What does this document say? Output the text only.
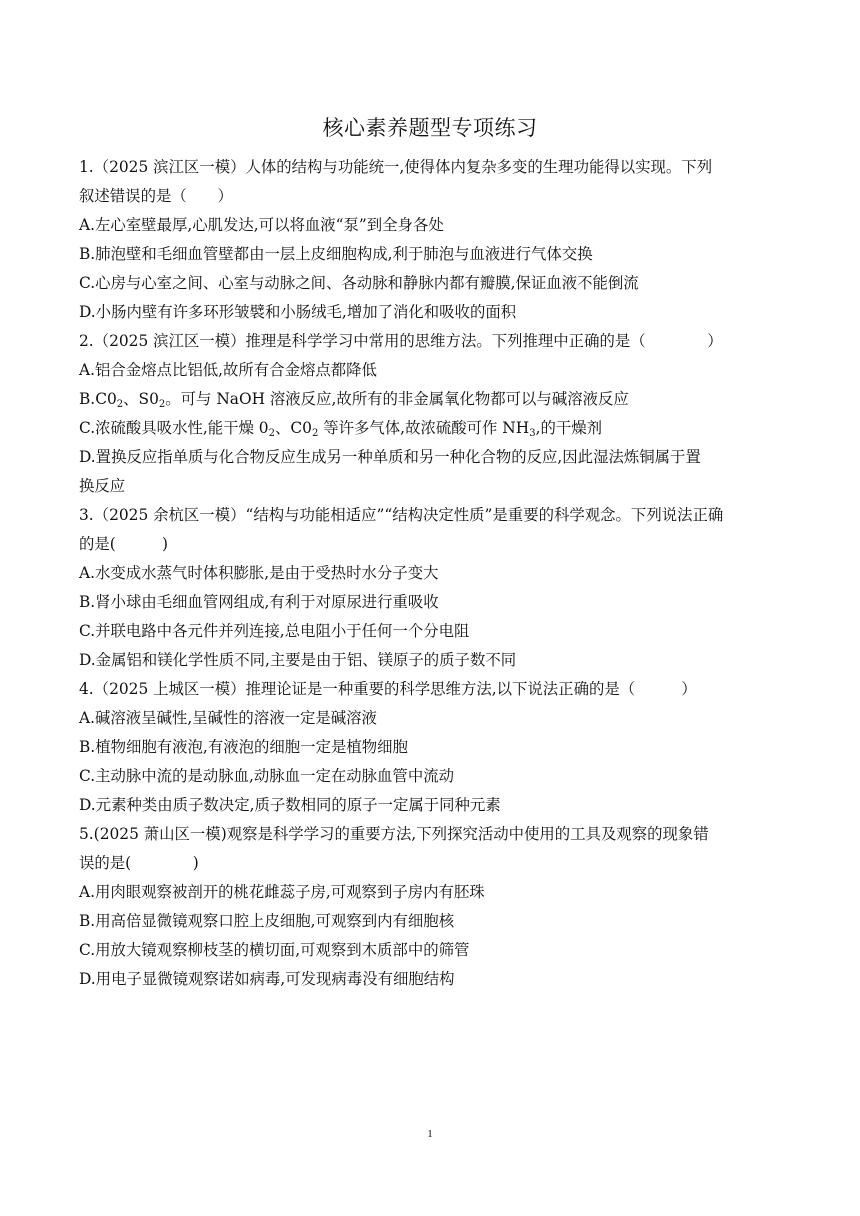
核心素养题型专项练习
1.（2025 滨江区一模）人体的结构与功能统一,使得体内复杂多变的生理功能得以实现。下列
叙述错误的是（　　）
A.左心室壁最厚,心肌发达,可以将血液“泵”到全身各处
B.肺泡壁和毛细血管壁都由一层上皮细胞构成,利于肺泡与血液进行气体交换
C.心房与心室之间、心室与动脉之间、各动脉和静脉内都有瓣膜,保证血液不能倒流
D.小肠内壁有许多环形皱襞和小肠绒毛,增加了消化和吸收的面积
2.（2025 滨江区一模）推理是科学学习中常用的思维方法。下列推理中正确的是（　　　　）
A.铝合金熔点比铝低,故所有合金熔点都降低
$B.C0_2$、$S0_2$。可与 NaOH 溶液反应,故所有的非金属氧化物都可以与碱溶液反应
C.浓硫酸具吸水性,能干燥 $0_2$、$C0_2$ 等许多气体,故浓硫酸可作 $NH_3$,的干燥剂
D.置换反应指单质与化合物反应生成另一种单质和另一种化合物的反应,因此湿法炼铜属于置
换反应
3.（2025 余杭区一模）“结构与功能相适应”“结构决定性质”是重要的科学观念。下列说法正确
的是(　　　)
A.水变成水蒸气时体积膨胀,是由于受热时水分子变大
B.肾小球由毛细血管网组成,有利于对原尿进行重吸收
C.并联电路中各元件并列连接,总电阻小于任何一个分电阻
D.金属铝和镁化学性质不同,主要是由于铝、镁原子的质子数不同
4.（2025 上城区一模）推理论证是一种重要的科学思维方法,以下说法正确的是（　　　）
A.碱溶液呈碱性,呈碱性的溶液一定是碱溶液
B.植物细胞有液泡,有液泡的细胞一定是植物细胞
C.主动脉中流的是动脉血,动脉血一定在动脉血管中流动
D.元素种类由质子数决定,质子数相同的原子一定属于同种元素
5.(2025 萧山区一模)观察是科学学习的重要方法,下列探究活动中使用的工具及观察的现象错
误的是(　　　　)
A.用肉眼观察被剖开的桃花雌蕊子房,可观察到子房内有胚珠
B.用高倍显微镜观察口腔上皮细胞,可观察到内有细胞核
C.用放大镜观察柳枝茎的横切面,可观察到木质部中的筛管
D.用电子显微镜观察诺如病毒,可发现病毒没有细胞结构
1
